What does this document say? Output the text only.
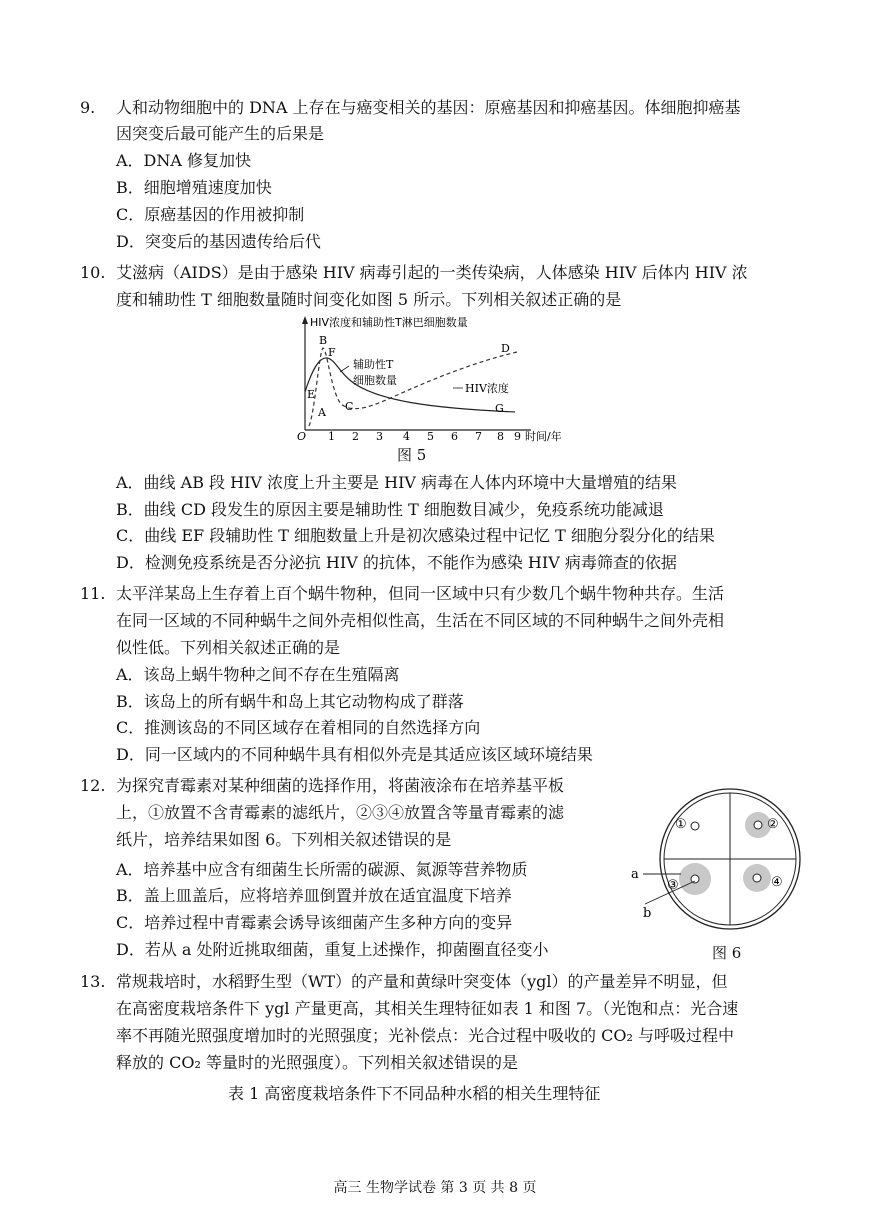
9. 人和动物细胞中的 DNA 上存在与癌变相关的基因：原癌基因和抑癌基因。体细胞抑癌基
因突变后最可能产生的后果是
A．DNA 修复加快
B．细胞增殖速度加快
C．原癌基因的作用被抑制
D．突变后的基因遗传给后代
10. 艾滋病（AIDS）是由于感染 HIV 病毒引起的一类传染病，人体感染 HIV 后体内 HIV 浓
度和辅助性 T 细胞数量随时间变化如图 5 所示。下列相关叙述正确的是
HIV浓度和辅助性T淋巴细胞数量
O	时间/年
1 2 3 4 5 6 7 8 9
辅助性T
细胞数量
HIV浓度
A
B
C
D
E
F
G
图 5
A．曲线 AB 段 HIV 浓度上升主要是 HIV 病毒在人体内环境中大量增殖的结果
B．曲线 CD 段发生的原因主要是辅助性 T 细胞数目减少，免疫系统功能减退
C．曲线 EF 段辅助性 T 细胞数量上升是初次感染过程中记忆 T 细胞分裂分化的结果
D．检测免疫系统是否分泌抗 HIV 的抗体，不能作为感染 HIV 病毒筛查的依据
11. 太平洋某岛上生存着上百个蜗牛物种，但同一区域中只有少数几个蜗牛物种共存。生活
在同一区域的不同种蜗牛之间外壳相似性高，生活在不同区域的不同种蜗牛之间外壳相
似性低。下列相关叙述正确的是
A．该岛上蜗牛物种之间不存在生殖隔离
B．该岛上的所有蜗牛和岛上其它动物构成了群落
C．推测该岛的不同区域存在着相同的自然选择方向
D．同一区域内的不同种蜗牛具有相似外壳是其适应该区域环境结果
12. 为探究青霉素对某种细菌的选择作用，将菌液涂布在培养基平板
上，①放置不含青霉素的滤纸片，②③④放置含等量青霉素的滤
纸片，培养结果如图 6。下列相关叙述错误的是
A．培养基中应含有细菌生长所需的碳源、氮源等营养物质
B．盖上皿盖后，应将培养皿倒置并放在适宜温度下培养
C．培养过程中青霉素会诱导该细菌产生多种方向的变异
D．若从 a 处附近挑取细菌，重复上述操作，抑菌圈直径变小
①	②
③	④
a
b
图 6
13. 常规栽培时，水稻野生型（WT）的产量和黄绿叶突变体（ygl）的产量差异不明显，但
在高密度栽培条件下 ygl 产量更高，其相关生理特征如表 1 和图 7。（光饱和点：光合速
率不再随光照强度增加时的光照强度；光补偿点：光合过程中吸收的 CO₂ 与呼吸过程中
释放的 CO₂ 等量时的光照强度）。下列相关叙述错误的是
表 1 高密度栽培条件下不同品种水稻的相关生理特征
高三 生物学试卷 第 3 页 共 8 页
